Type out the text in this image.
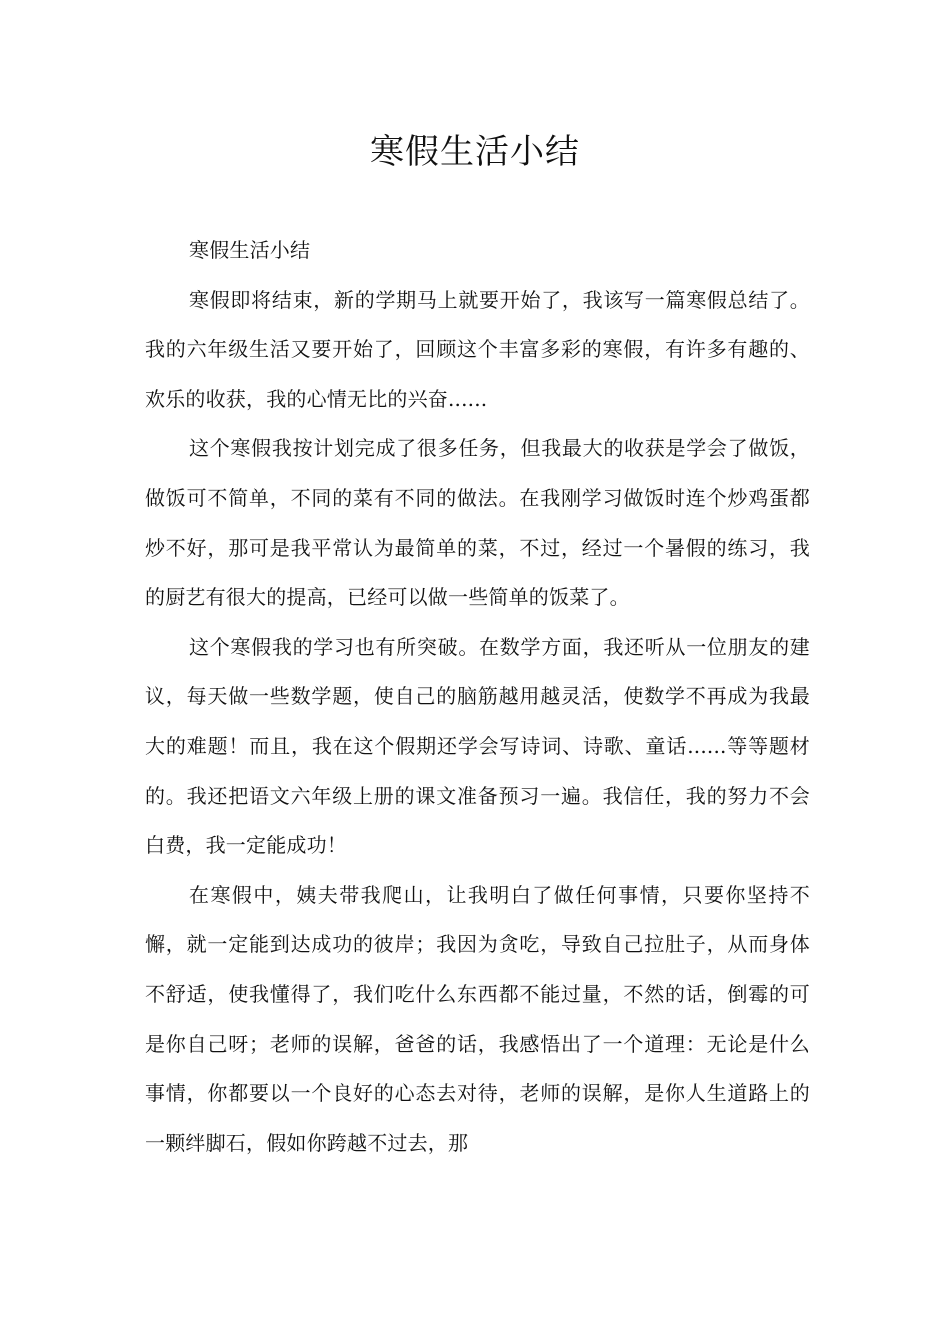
寒假生活小结

寒假生活小结

寒假即将结束，新的学期马上就要开始了，我该写一篇寒假总结了。我的六年级生活又要开始了，回顾这个丰富多彩的寒假，有许多有趣的、欢乐的收获，我的心情无比的兴奋......

这个寒假我按计划完成了很多任务，但我最大的收获是学会了做饭，做饭可不简单，不同的菜有不同的做法。在我刚学习做饭时连个炒鸡蛋都炒不好，那可是我平常认为最简单的菜，不过，经过一个暑假的练习，我的厨艺有很大的提高，已经可以做一些简单的饭菜了。

这个寒假我的学习也有所突破。在数学方面，我还听从一位朋友的建议，每天做一些数学题，使自己的脑筋越用越灵活，使数学不再成为我最大的难题！而且，我在这个假期还学会写诗词、诗歌、童话......等等题材的。我还把语文六年级上册的课文准备预习一遍。我信任，我的努力不会白费，我一定能成功！

在寒假中，姨夫带我爬山，让我明白了做任何事情，只要你坚持不懈，就一定能到达成功的彼岸；我因为贪吃，导致自己拉肚子，从而身体不舒适，使我懂得了，我们吃什么东西都不能过量，不然的话，倒霉的可是你自己呀；老师的误解，爸爸的话，我感悟出了一个道理：无论是什么事情，你都要以一个良好的心态去对待，老师的误解，是你人生道路上的一颗绊脚石，假如你跨越不过去，那
